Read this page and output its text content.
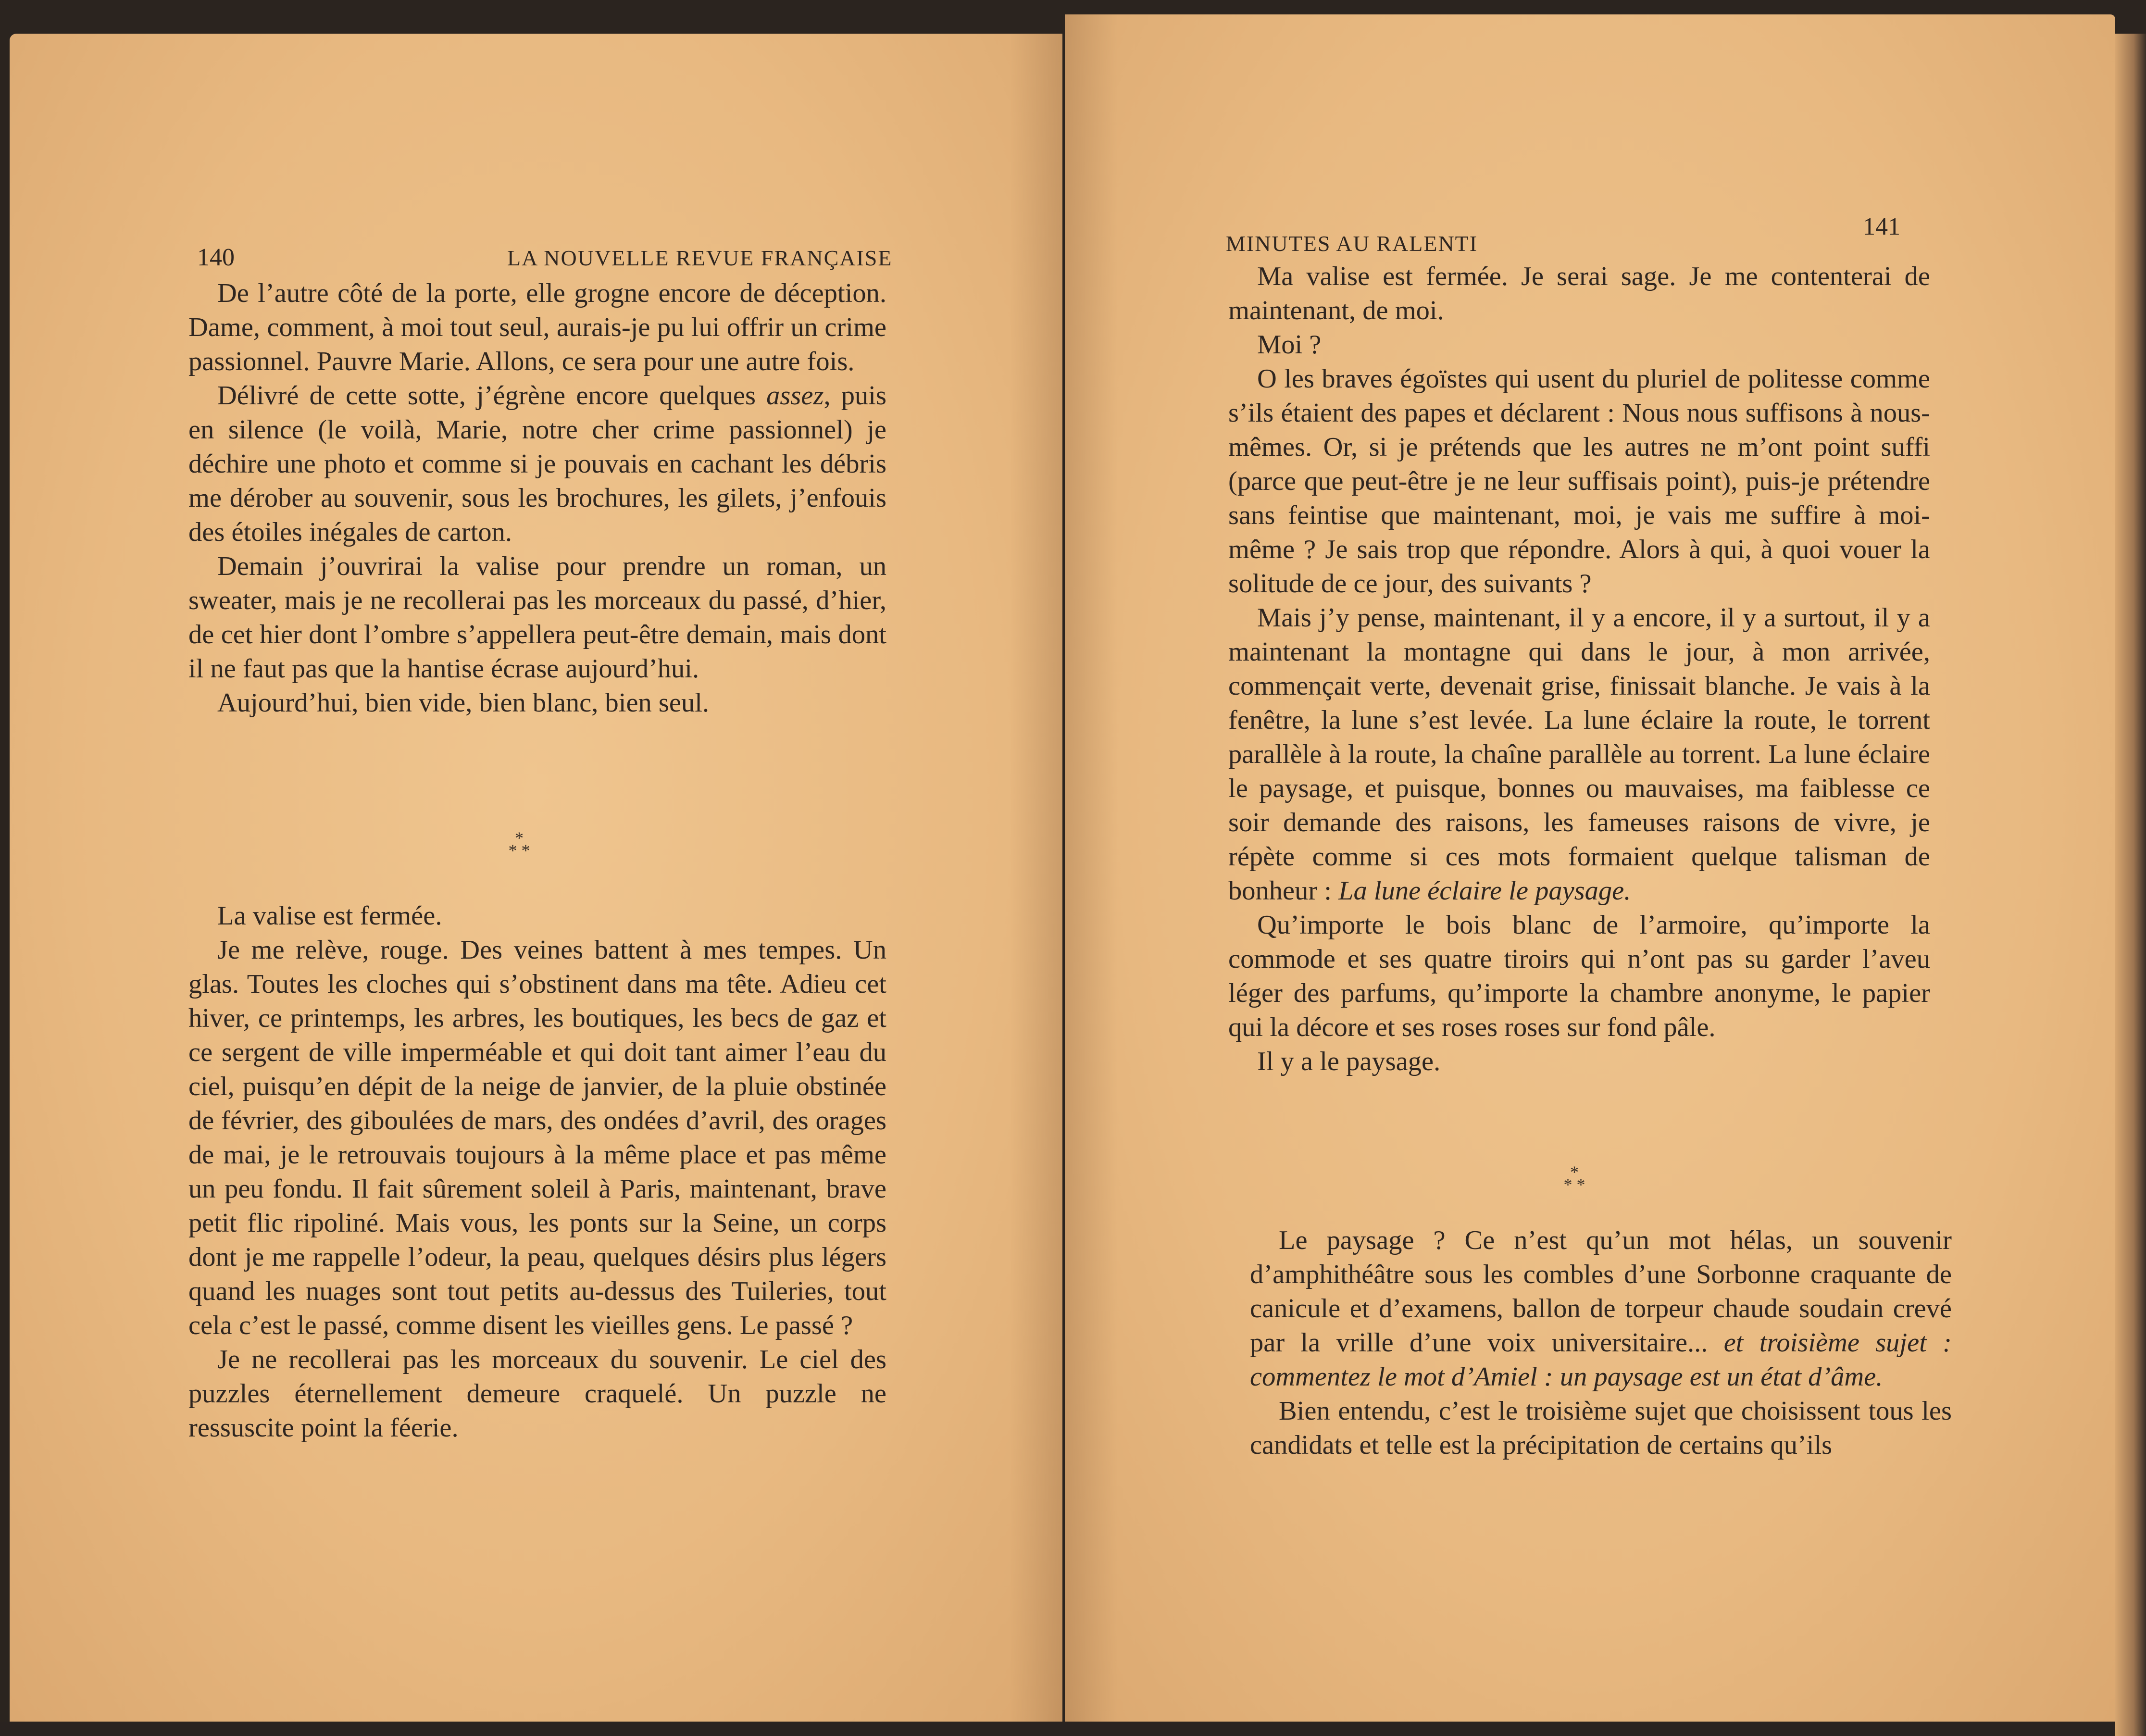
140	LA NOUVELLE REVUE FRANÇAISE

De l’autre côté de la porte, elle grogne encore de déception. Dame, comment, à moi tout seul, aurais-je pu lui offrir un crime passionnel. Pauvre Marie. Allons, ce sera pour une autre fois.

Délivré de cette sotte, j’égrène encore quelques assez, puis en silence (le voilà, Marie, notre cher crime passionnel) je déchire une photo et comme si je pouvais en cachant les débris me dérober au souvenir, sous les brochures, les gilets, j’enfouis des étoiles inégales de carton.

Demain j’ouvrirai la valise pour prendre un roman, un sweater, mais je ne recollerai pas les morceaux du passé, d’hier, de cet hier dont l’ombre s’appellera peut-être demain, mais dont il ne faut pas que la hantise écrase aujourd’hui.

Aujourd’hui, bien vide, bien blanc, bien seul.

*
* *

La valise est fermée.

Je me relève, rouge. Des veines battent à mes tempes. Un glas. Toutes les cloches qui s’obstinent dans ma tête. Adieu cet hiver, ce printemps, les arbres, les boutiques, les becs de gaz et ce sergent de ville imperméable et qui doit tant aimer l’eau du ciel, puisqu’en dépit de la neige de janvier, de la pluie obstinée de février, des giboulées de mars, des ondées d’avril, des orages de mai, je le retrouvais toujours à la même place et pas même un peu fondu. Il fait sûrement soleil à Paris, maintenant, brave petit flic ripoliné. Mais vous, les ponts sur la Seine, un corps dont je me rappelle l’odeur, la peau, quelques désirs plus légers quand les nuages sont tout petits au-dessus des Tuileries, tout cela c’est le passé, comme disent les vieilles gens. Le passé ?

Je ne recollerai pas les morceaux du souvenir. Le ciel des puzzles éternellement demeure craquelé. Un puzzle ne ressuscite point la féerie.

MINUTES AU RALENTI
141

Ma valise est fermée. Je serai sage. Je me contenterai de maintenant, de moi.

Moi ?

O les braves égoïstes qui usent du pluriel de politesse comme s’ils étaient des papes et déclarent : Nous nous suffisons à nous-mêmes. Or, si je prétends que les autres ne m’ont point suffi (parce que peut-être je ne leur suffisais point), puis-je prétendre sans feintise que maintenant, moi, je vais me suffire à moi-même ? Je sais trop que répondre. Alors à qui, à quoi vouer la solitude de ce jour, des suivants ?

Mais j’y pense, maintenant, il y a encore, il y a surtout, il y a maintenant la montagne qui dans le jour, à mon arrivée, commençait verte, devenait grise, finissait blanche. Je vais à la fenêtre, la lune s’est levée. La lune éclaire la route, le torrent parallèle à la route, la chaîne parallèle au torrent. La lune éclaire le paysage, et puisque, bonnes ou mauvaises, ma faiblesse ce soir demande des raisons, les fameuses raisons de vivre, je répète comme si ces mots formaient quelque talisman de bonheur : La lune éclaire le paysage.

Qu’importe le bois blanc de l’armoire, qu’importe la commode et ses quatre tiroirs qui n’ont pas su garder l’aveu léger des parfums, qu’importe la chambre anonyme, le papier qui la décore et ses roses roses sur fond pâle.

Il y a le paysage.

*
* *

Le paysage ? Ce n’est qu’un mot hélas, un souvenir d’amphithéâtre sous les combles d’une Sorbonne craquante de canicule et d’examens, ballon de torpeur chaude soudain crevé par la vrille d’une voix universitaire... et troisième sujet : commentez le mot d’Amiel : un paysage est un état d’âme.

Bien entendu, c’est le troisième sujet que choisissent tous les candidats et telle est la précipitation de certains qu’ils
